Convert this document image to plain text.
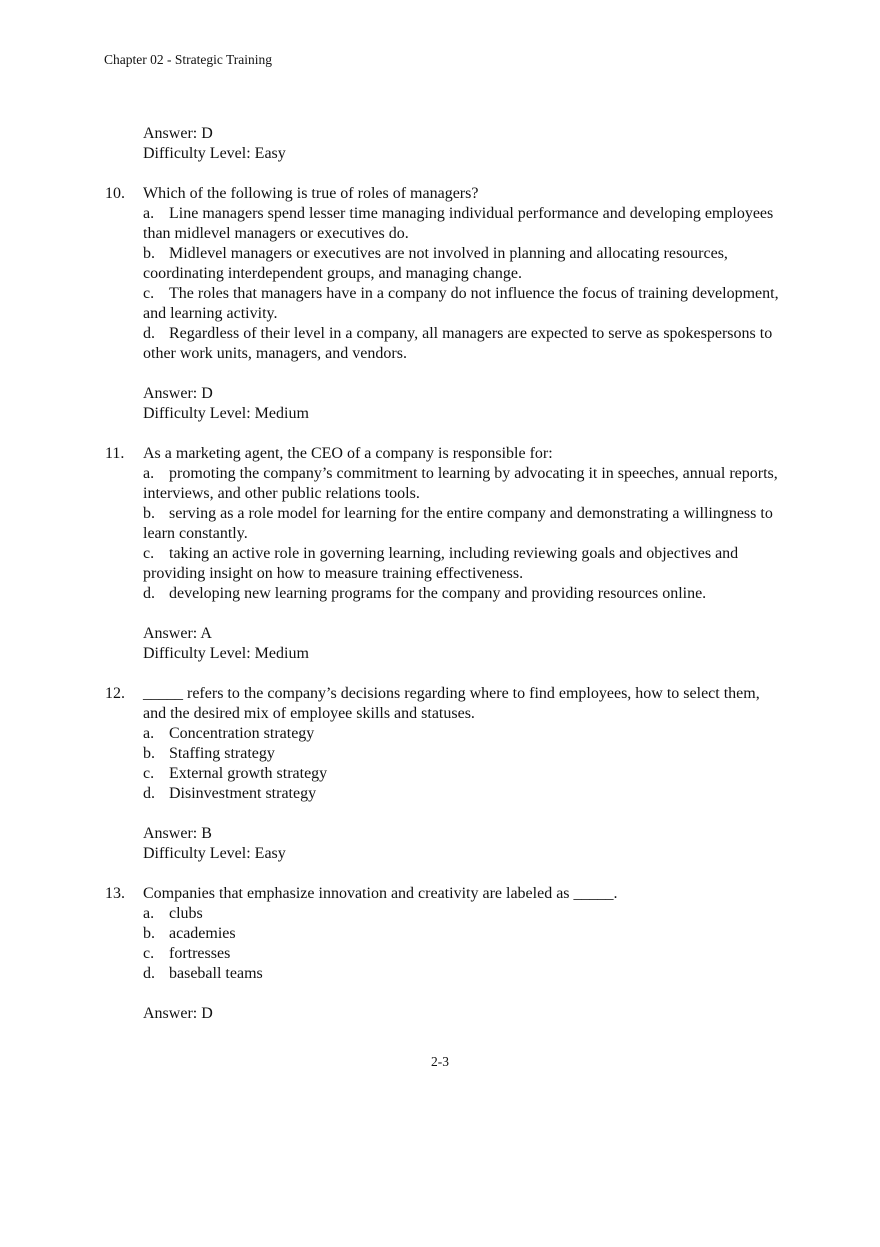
Chapter 02 - Strategic Training
Answer: D
Difficulty Level: Easy
10.	Which of the following is true of roles of managers?
a. Line managers spend lesser time managing individual performance and developing employees than midlevel managers or executives do.
b. Midlevel managers or executives are not involved in planning and allocating resources, coordinating interdependent groups, and managing change.
c. The roles that managers have in a company do not influence the focus of training development, and learning activity.
d. Regardless of their level in a company, all managers are expected to serve as spokespersons to other work units, managers, and vendors.
Answer: D
Difficulty Level: Medium
11.	As a marketing agent, the CEO of a company is responsible for:
a. promoting the company’s commitment to learning by advocating it in speeches, annual reports, interviews, and other public relations tools.
b. serving as a role model for learning for the entire company and demonstrating a willingness to learn constantly.
c. taking an active role in governing learning, including reviewing goals and objectives and providing insight on how to measure training effectiveness.
d. developing new learning programs for the company and providing resources online.
Answer: A
Difficulty Level: Medium
12.	_____ refers to the company’s decisions regarding where to find employees, how to select them, and the desired mix of employee skills and statuses.
a. Concentration strategy
b. Staffing strategy
c. External growth strategy
d. Disinvestment strategy
Answer: B
Difficulty Level: Easy
13.	Companies that emphasize innovation and creativity are labeled as _____.
a. clubs
b. academies
c. fortresses
d. baseball teams
Answer: D
2-3
